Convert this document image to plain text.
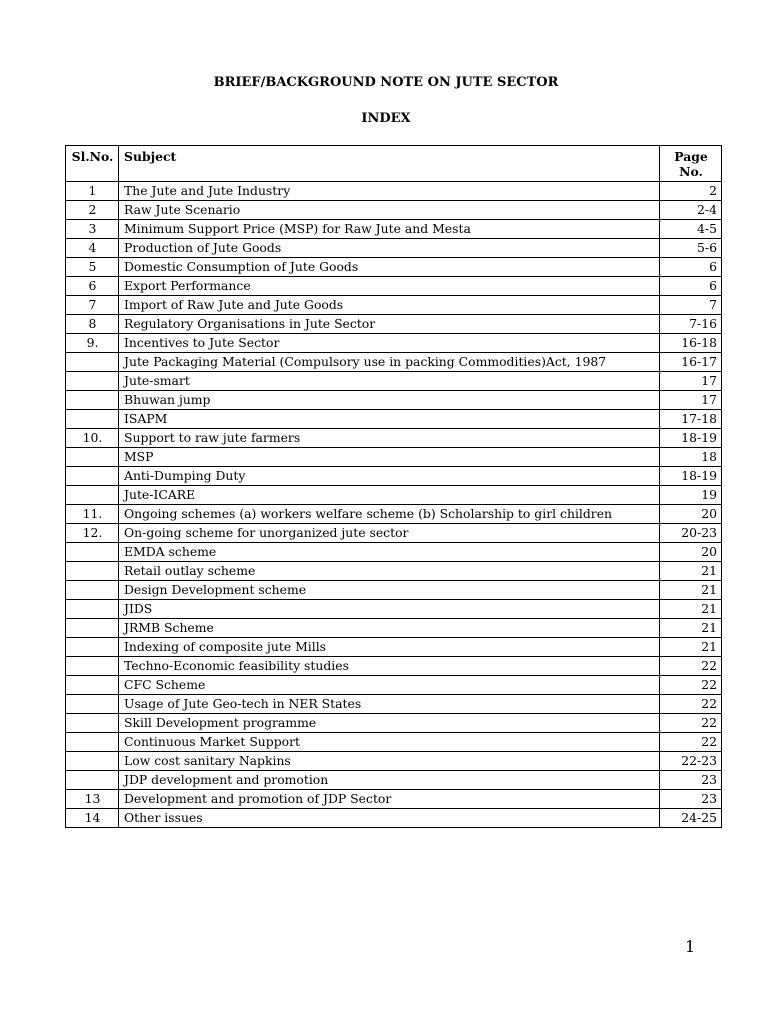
BRIEF/BACKGROUND NOTE ON JUTE SECTOR
INDEX
Sl.No.	Subject	Page No.
1	The Jute and Jute Industry	2
2	Raw Jute Scenario	2-4
3	Minimum Support Price (MSP) for Raw Jute and Mesta	4-5
4	Production of Jute Goods	5-6
5	Domestic Consumption of Jute Goods	6
6	Export Performance	6
7	Import of Raw Jute and Jute Goods	7
8	Regulatory Organisations in Jute Sector	7-16
9.	Incentives to Jute Sector	16-18
	Jute Packaging Material (Compulsory use in packing Commodities)Act, 1987	16-17
	Jute-smart	17
	Bhuwan jump	17
	ISAPM	17-18
10.	Support to raw jute farmers	18-19
	MSP	18
	Anti-Dumping Duty	18-19
	Jute-ICARE	19
11.	Ongoing schemes (a) workers welfare scheme (b) Scholarship to girl children	20
12.	On-going scheme for unorganized jute sector	20-23
	EMDA scheme	20
	Retail outlay scheme	21
	Design Development scheme	21
	JIDS	21
	JRMB Scheme	21
	Indexing of composite jute Mills	21
	Techno-Economic feasibility studies	22
	CFC Scheme	22
	Usage of Jute Geo-tech in NER States	22
	Skill Development programme	22
	Continuous Market Support	22
	Low cost sanitary Napkins	22-23
	JDP development and promotion	23
13	Development and promotion of JDP Sector	23
14	Other issues	24-25
1
